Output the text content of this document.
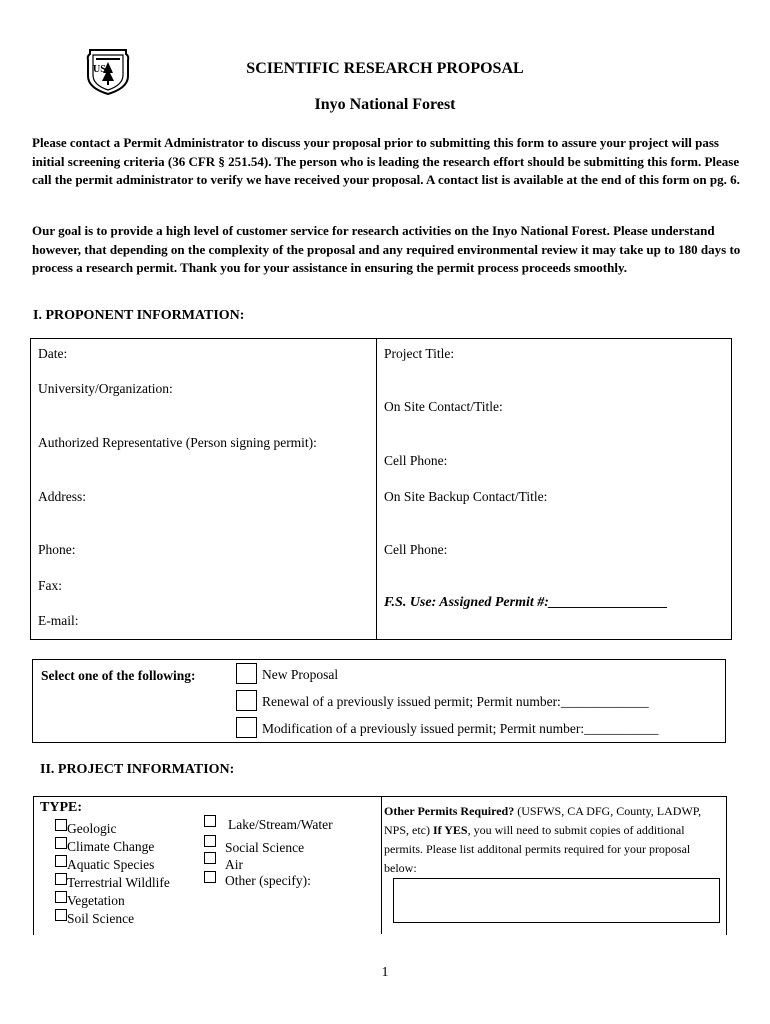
US	SCIENTIFIC RESEARCH PROPOSAL
Inyo National Forest
Please contact a Permit Administrator to discuss your proposal prior to submitting this form to assure your project will pass initial screening criteria (36 CFR § 251.54). The person who is leading the research effort should be submitting this form. Please call the permit administrator to verify we have received your proposal. A contact list is available at the end of this form on pg. 6.
Our goal is to provide a high level of customer service for research activities on the Inyo National Forest. Please understand however, that depending on the complexity of the proposal and any required environmental review it may take up to 180 days to process a research permit. Thank you for your assistance in ensuring the permit process proceeds smoothly.
I. PROPONENT INFORMATION:
Date:
University/Organization:
Authorized Representative (Person signing permit):
Address:
Phone:
Fax:
E-mail:
Project Title:
On Site Contact/Title:
Cell Phone:
On Site Backup Contact/Title:
Cell Phone:
F.S. Use: Assigned Permit #:_________________
Select one of the following:	New Proposal
Renewal of a previously issued permit; Permit number:_____________
Modification of a previously issued permit; Permit number:___________
II. PROJECT INFORMATION:
TYPE:
Geologic
Climate Change
Aquatic Species
Terrestrial Wildlife
Vegetation
Soil Science
Lake/Stream/Water
Social Science
Air
Other (specify):
Other Permits Required? (USFWS, CA DFG, County, LADWP, NPS, etc) If YES, you will need to submit copies of additional permits. Please list additonal permits required for your proposal below:
1
